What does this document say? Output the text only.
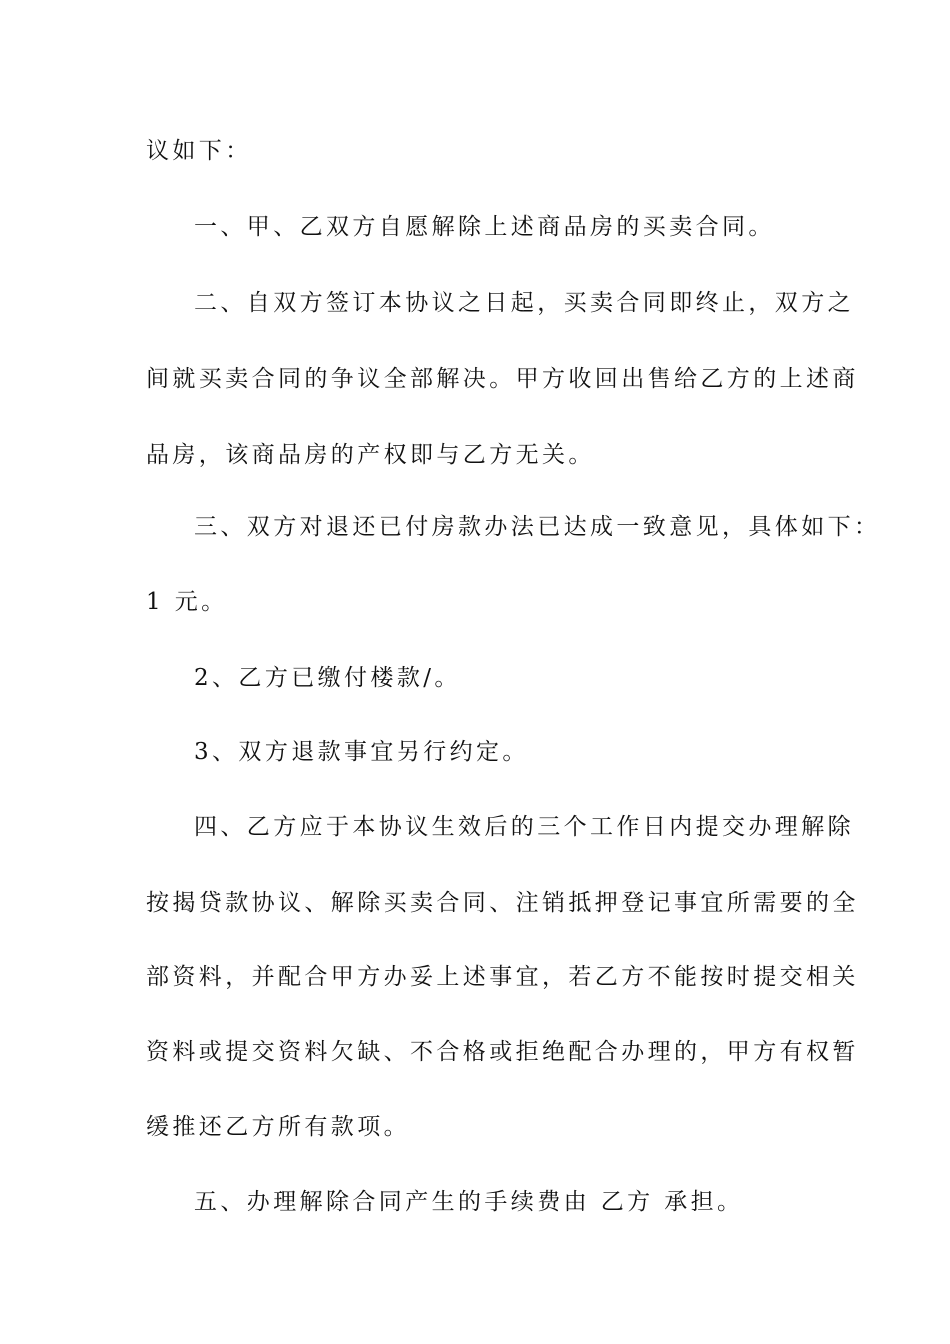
议如下：
一、甲、乙双方自愿解除上述商品房的买卖合同。
二、自双方签订本协议之日起，买卖合同即终止，双方之
间就买卖合同的争议全部解决。甲方收回出售给乙方的上述商
品房，该商品房的产权即与乙方无关。
三、双方对退还已付房款办法已达成一致意见，具体如下：
1 元。
2、乙方已缴付楼款/。
3、双方退款事宜另行约定。
四、乙方应于本协议生效后的三个工作日内提交办理解除
按揭贷款协议、解除买卖合同、注销抵押登记事宜所需要的全
部资料，并配合甲方办妥上述事宜，若乙方不能按时提交相关
资料或提交资料欠缺、不合格或拒绝配合办理的，甲方有权暂
缓推还乙方所有款项。
五、办理解除合同产生的手续费由 乙方 承担。
